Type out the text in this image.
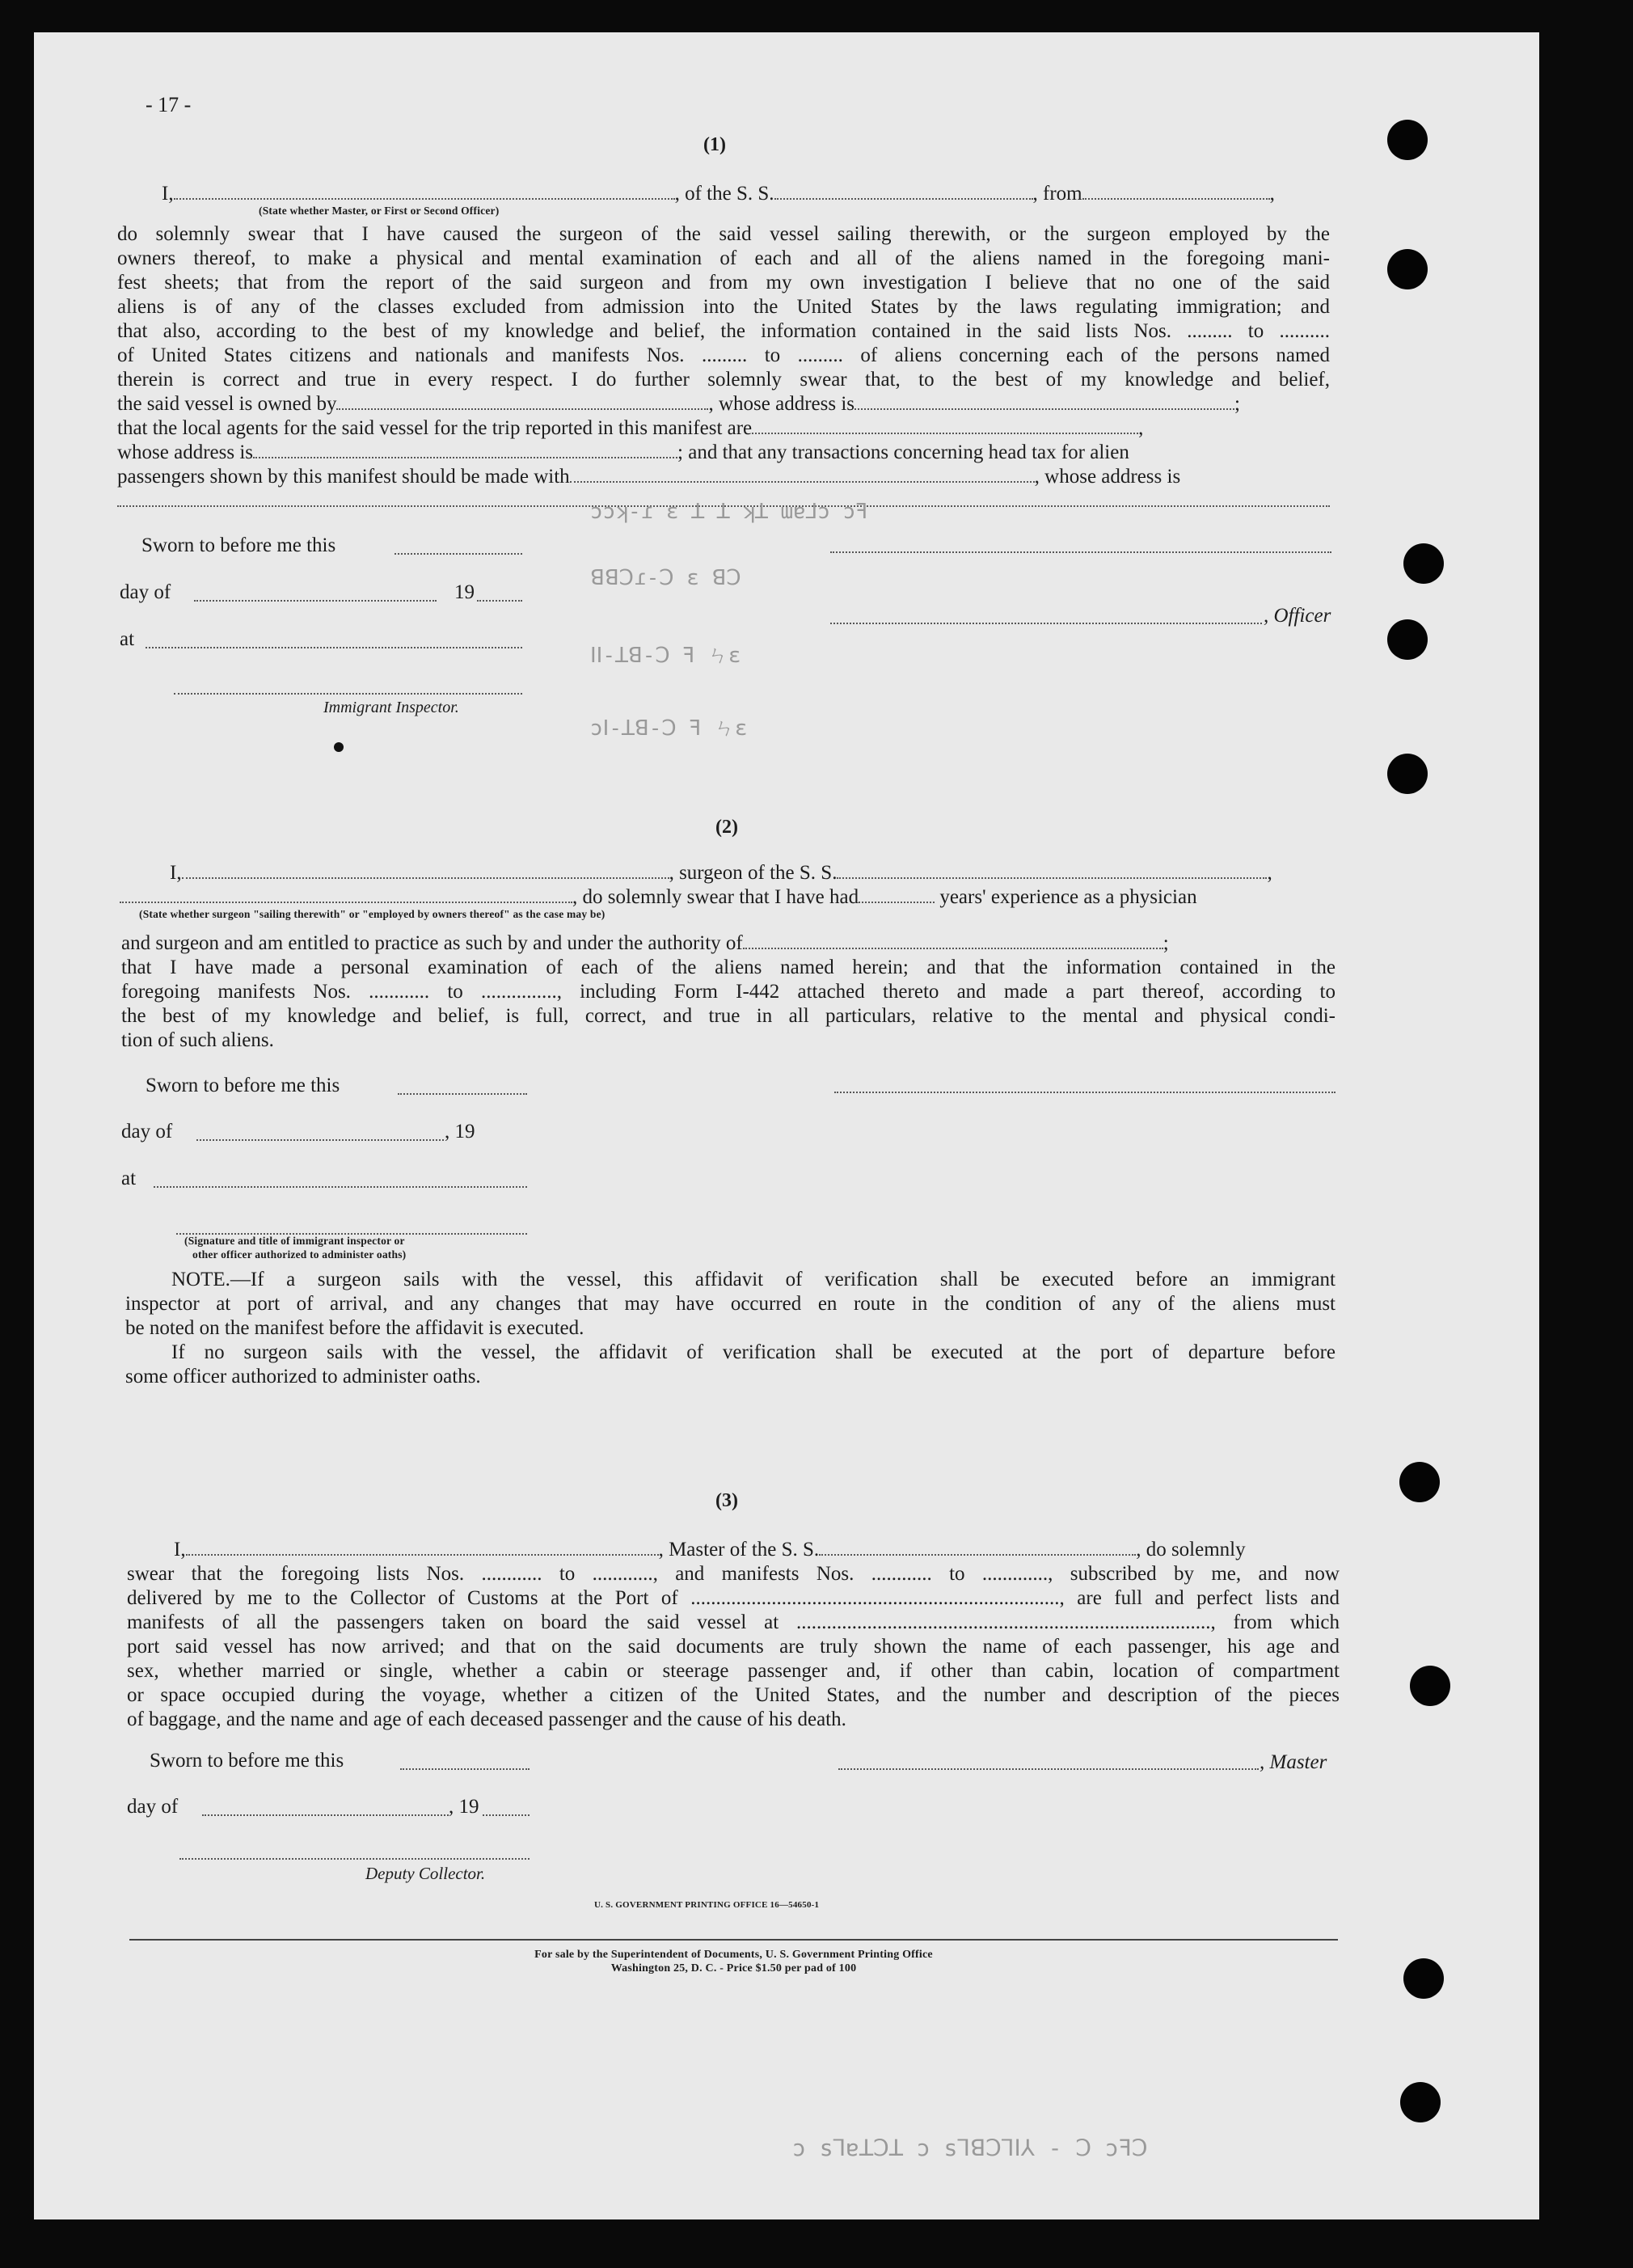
- 17 -
(1)
I,	, of the S. S.	, from	,
(State whether Master, or First or Second Officer)
do solemnly swear that I have caused the surgeon of the said vessel sailing therewith, or the surgeon employed by the
owners thereof, to make a physical and mental examination of each and all of the aliens named in the foregoing mani-
fest sheets; that from the report of the said surgeon and from my own investigation I believe that no one of the said
aliens is of any of the classes excluded from admission into the United States by the laws regulating immigration; and
that also, according to the best of my knowledge and belief, the information contained in the said lists Nos. ......... to ..........
of United States citizens and nationals and manifests Nos. ......... to ......... of aliens concerning each of the persons named
therein is correct and true in every respect. I do further solemnly swear that, to the best of my knowledge and belief,
the said vessel is owned by	, whose address is	;
that the local agents for the said vessel for the trip reported in this manifest are	,
whose address is	; and that any transactions concerning head tax for alien
passengers shown by this manifest should be made with	, whose address is
Sworn to before me this
day of	19
at
Immigrant Inspector.
, Officer
ɔɔʞ-ɾ ɛ ꓕ ꓕ ʞꓕ ɯɐ⅃ɔ ɔꟻ
ꓭꓭꓛɾ-ꓛ ɛ ꓭꓛ
ꓲꓲ-ꓕꓭ-ꓛ ꟻ ㄣɛ
ɔꓲ-ꓕꓭ-ꓛ ꟻ ㄣɛ
(2)
I,	, surgeon of the S. S.	,
, do solemnly swear that I have had	years' experience as a physician
(State whether surgeon "sailing therewith" or "employed by owners thereof" as the case may be)
and surgeon and am entitled to practice as such by and under the authority of	;
that I have made a personal examination of each of the aliens named herein; and that the information contained in the
foregoing manifests Nos. ............ to ..............., including Form I-442 attached thereto and made a part thereof, according to
the best of my knowledge and belief, is full, correct, and true in all particulars, relative to the mental and physical condi-
tion of such aliens.
Sworn to before me this
day of	, 19
at
(Signature and title of immigrant inspector or
other officer authorized to administer oaths)
NOTE.—If a surgeon sails with the vessel, this affidavit of verification shall be executed before an immigrant
inspector at port of arrival, and any changes that may have occurred en route in the condition of any of the aliens must
be noted on the manifest before the affidavit is executed.
If no surgeon sails with the vessel, the affidavit of verification shall be executed at the port of departure before
some officer authorized to administer oaths.
(3)
I,	, Master of the S. S.	, do solemnly
swear that the foregoing lists Nos. ............ to ............, and manifests Nos. ............ to ............., subscribed by me, and now
delivered by me to the Collector of Customs at the Port of ........................................................................., are full and perfect lists and
manifests of all the passengers taken on board the said vessel at .................................................................................., from which
port said vessel has now arrived; and that on the said documents are truly shown the name of each passenger, his age and
sex, whether married or single, whether a cabin or steerage passenger and, if other than cabin, location of compartment
or space occupied during the voyage, whether a citizen of the United States, and the number and description of the pieces
of baggage, and the name and age of each deceased passenger and the cause of his death.
Sworn to before me this
day of	, 19
Deputy Collector.
, Master
U. S. GOVERNMENT PRINTING OFFICE 16—54650-1
For sale by the Superintendent of Documents, U. S. Government Printing Office
Washington 25, D. C. - Price $1.50 per pad of 100
ɔ sꓶɐꓕꓛꓕ ɔ sꓶꓭꓛꓶꓲ⅄ - ꓛ ɔꟻꓛ
